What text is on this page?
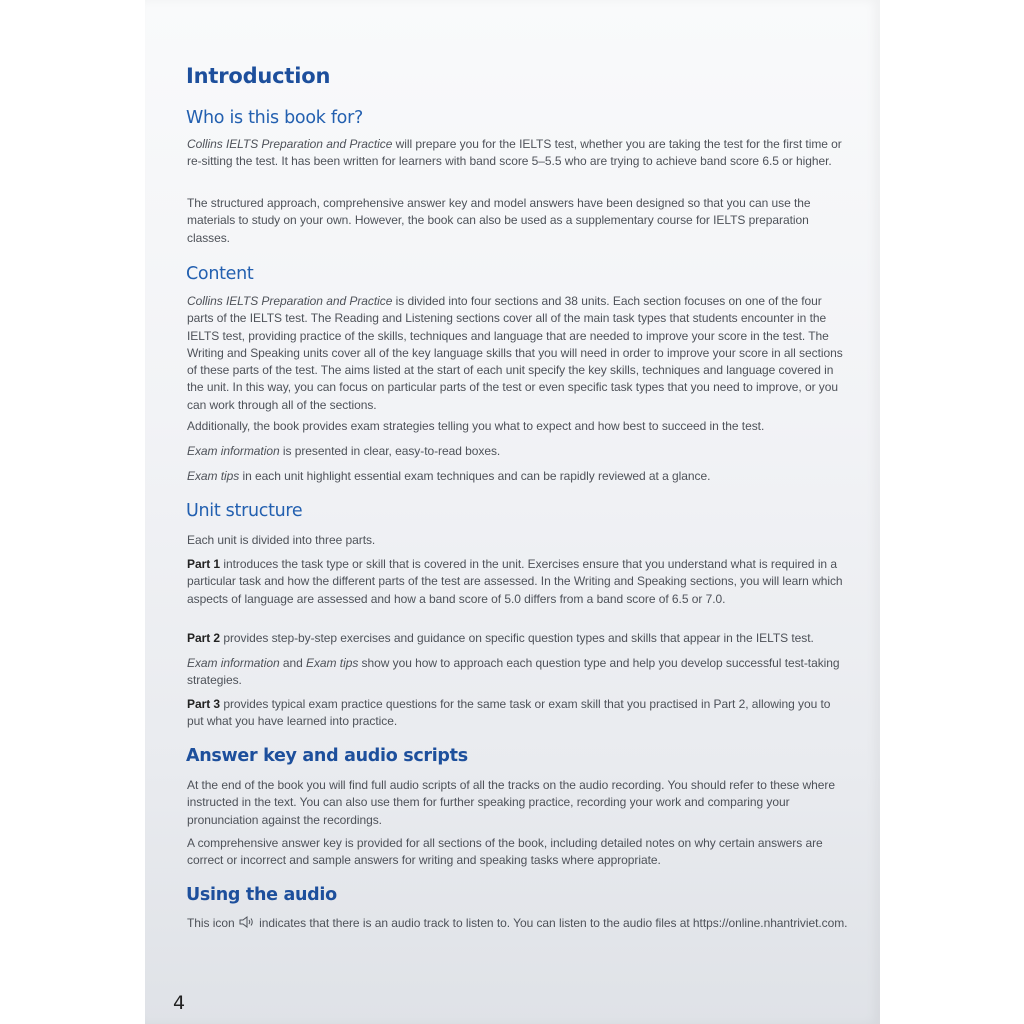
Introduction
Who is this book for?
Collins IELTS Preparation and Practice will prepare you for the IELTS test, whether you are taking the test for the first time or re-sitting the test. It has been written for learners with band score 5–5.5 who are trying to achieve band score 6.5 or higher.
The structured approach, comprehensive answer key and model answers have been designed so that you can use the materials to study on your own. However, the book can also be used as a supplementary course for IELTS preparation classes.
Content
Collins IELTS Preparation and Practice is divided into four sections and 38 units. Each section focuses on one of the four parts of the IELTS test. The Reading and Listening sections cover all of the main task types that students encounter in the IELTS test, providing practice of the skills, techniques and language that are needed to improve your score in the test. The Writing and Speaking units cover all of the key language skills that you will need in order to improve your score in all sections of these parts of the test. The aims listed at the start of each unit specify the key skills, techniques and language covered in the unit. In this way, you can focus on particular parts of the test or even specific task types that you need to improve, or you can work through all of the sections.
Additionally, the book provides exam strategies telling you what to expect and how best to succeed in the test.
Exam information is presented in clear, easy-to-read boxes.
Exam tips in each unit highlight essential exam techniques and can be rapidly reviewed at a glance.
Unit structure
Each unit is divided into three parts.
Part 1 introduces the task type or skill that is covered in the unit. Exercises ensure that you understand what is required in a particular task and how the different parts of the test are assessed. In the Writing and Speaking sections, you will learn which aspects of language are assessed and how a band score of 5.0 differs from a band score of 6.5 or 7.0.
Part 2 provides step-by-step exercises and guidance on specific question types and skills that appear in the IELTS test.
Exam information and Exam tips show you how to approach each question type and help you develop successful test-taking strategies.
Part 3 provides typical exam practice questions for the same task or exam skill that you practised in Part 2, allowing you to put what you have learned into practice.
Answer key and audio scripts
At the end of the book you will find full audio scripts of all the tracks on the audio recording. You should refer to these where instructed in the text. You can also use them for further speaking practice, recording your work and comparing your pronunciation against the recordings.
A comprehensive answer key is provided for all sections of the book, including detailed notes on why certain answers are correct or incorrect and sample answers for writing and speaking tasks where appropriate.
Using the audio
This icon  indicates that there is an audio track to listen to. You can listen to the audio files at https://online.nhantriviet.com.
4
